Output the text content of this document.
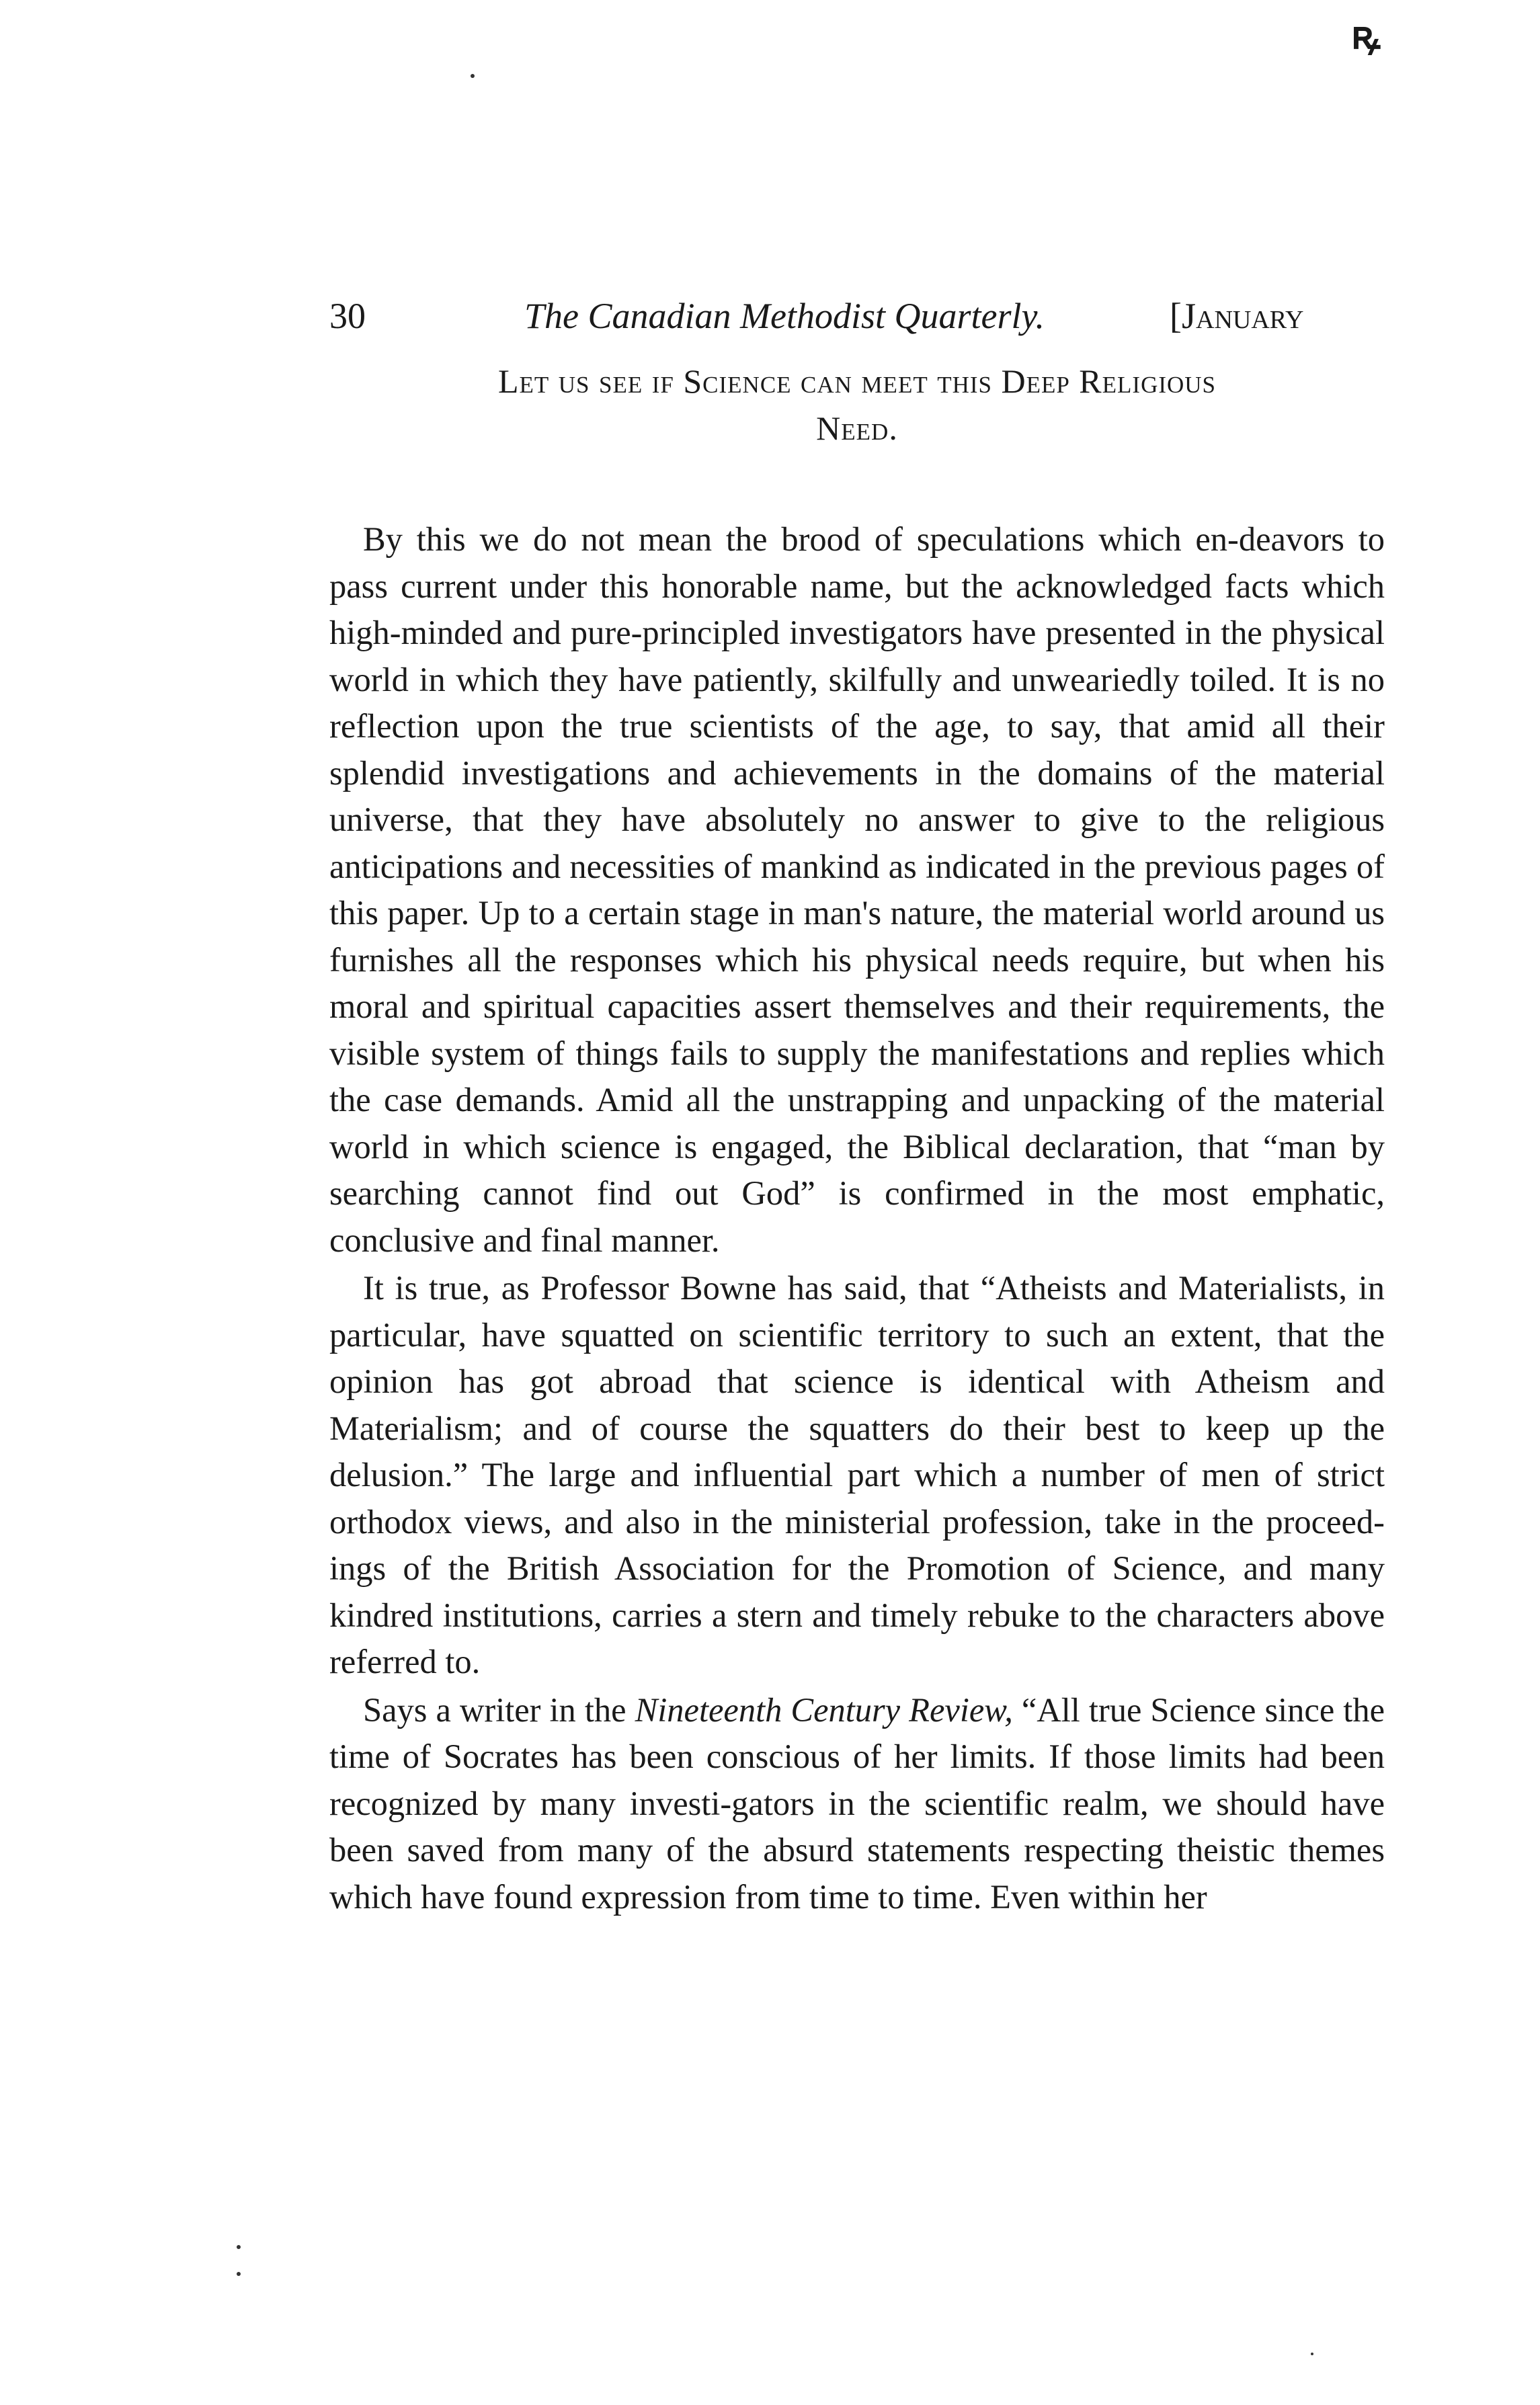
ꝶ
30	The Canadian Methodist Quarterly.	[January
Let us see if Science can meet this Deep Religious
Need.

By this we do not mean the brood of speculations which en-deavors to pass current under this honorable name, but the acknowledged facts which high-minded and pure-principled investigators have presented in the physical world in which they have patiently, skilfully and unweariedly toiled. It is no reflection upon the true scientists of the age, to say, that amid all their splendid investigations and achievements in the domains of the material universe, that they have absolutely no answer to give to the religious anticipations and necessities of mankind as indicated in the previous pages of this paper. Up to a certain stage in man's nature, the material world around us furnishes all the responses which his physical needs require, but when his moral and spiritual capacities assert themselves and their requirements, the visible system of things fails to supply the manifestations and replies which the case demands. Amid all the unstrapping and unpacking of the material world in which science is engaged, the Biblical declaration, that “man by searching cannot find out God” is confirmed in the most emphatic, conclusive and final manner.

It is true, as Professor Bowne has said, that “Atheists and Materialists, in particular, have squatted on scientific territory to such an extent, that the opinion has got abroad that science is identical with Atheism and Materialism; and of course the squatters do their best to keep up the delusion.” The large and influential part which a number of men of strict orthodox views, and also in the ministerial profession, take in the proceed-ings of the British Association for the Promotion of Science, and many kindred institutions, carries a stern and timely rebuke to the characters above referred to.

Says a writer in the Nineteenth Century Review, “All true Science since the time of Socrates has been conscious of her limits. If those limits had been recognized by many investi-gators in the scientific realm, we should have been saved from many of the absurd statements respecting theistic themes which have found expression from time to time. Even within her
